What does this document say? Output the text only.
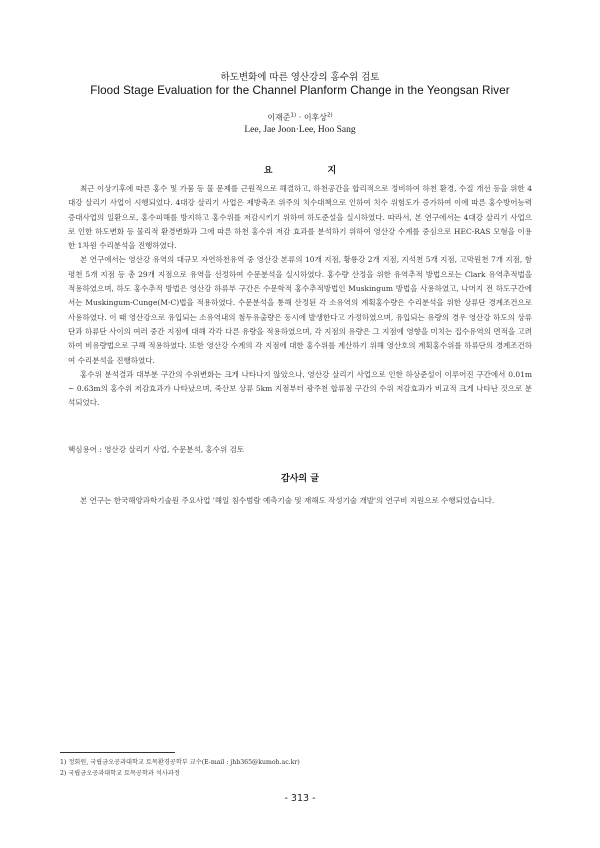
하도변화에 따른 영산강의 홍수위 검토
Flood Stage Evaluation for the Channel Planform Change in the Yeongsan River
이재준$^{1)}$ · 이후상$^{2)}$
Lee, Jae Joon·Lee, Hoo Sang
요 지

최근 이상기후에 따른 홍수 및 가뭄 등 물 문제를 근원적으로 해결하고, 하천공간을 합리적으로 정비하여 하천 환경, 수질 개선 등을 위한 4대강 살리기 사업이 시행되었다. 4대강 살리기 사업은 제방축조 위주의 치수대책으로 인하여 치수 위험도가 증가하여 이에 따른 홍수방어능력 증대사업의 일환으로, 홍수피해를 방지하고 홍수위를 저감시키기 위하여 하도준설을 실시하였다. 따라서, 본 연구에서는 4대강 살리기 사업으로 인한 하도변화 등 물리적 환경변화과 그에 따른 하천 홍수위 저감 효과를 분석하기 위하여 영산강 수계를 중심으로 HEC-RAS 모형을 이용한 1차원 수리분석을 진행하였다.

본 연구에서는 영산강 유역의 대규모 자연하천유역 중 영산강 본류의 10개 지점, 황룡강 2개 지점, 지석천 5개 지점, 고막원천 7개 지점, 함평천 5개 지점 등 총 29개 지점으로 유역을 선정하여 수문분석을 실시하였다. 홍수량 산정을 위한 유역추적 방법으로는 Clark 유역추적법을 적용하였으며, 하도 홍수추적 방법은 영산강 하류부 구간은 수문학적 홍수추적방법인 Muskingum 방법을 사용하였고, 나머지 전 하도구간에서는 Muskingum-Cunge(M-C)법을 적용하였다. 수문분석을 통해 산정된 각 소유역의 계획홍수량은 수리분석을 위한 상류단 경계조건으로 사용하였다. 이 때 영산강으로 유입되는 소유역내의 첨두유출량은 동시에 발생한다고 가정하였으며, 유입되는 유량의 경우 영산강 하도의 상류단과 하류단 사이의 여러 중간 지점에 대해 각각 다른 유량을 적용하였으며, 각 지점의 유량은 그 지점에 영향을 미치는 집수유역의 면적을 고려하여 비유량법으로 구해 적용하였다. 또한 영산강 수계의 각 지점에 대한 홍수위를 계산하기 위해 영산호의 계획홍수위를 하류단의 경계조건하여 수리분석을 진행하였다.

홍수위 분석결과 대부분 구간의 수위변화는 크게 나타나지 않았으나, 영산강 살리기 사업으로 인한 하상준설이 이루어진 구간에서 0.01m ~ 0.63m의 홍수위 저감효과가 나타났으며, 죽산보 상류 5km 지점부터 광주천 합류점 구간의 수위 저감효과가 비교적 크게 나타난 것으로 분석되었다.

핵심용어 : 영산강 살리기 사업, 수문분석, 홍수위 검토
감사의 글

본 연구는 한국해양과학기술원 주요사업 '해일 침수범람 예측기술 및 재해도 작성기술 개발'의 연구비 지원으로 수행되었습니다.

1) 정회원, 국립금오공과대학교 토목환경공학부 교수(E-mail : jhb365@kumoh.ac.kr)
2) 국립금오공과대학교 토목공학과 석사과정
- 313 -
